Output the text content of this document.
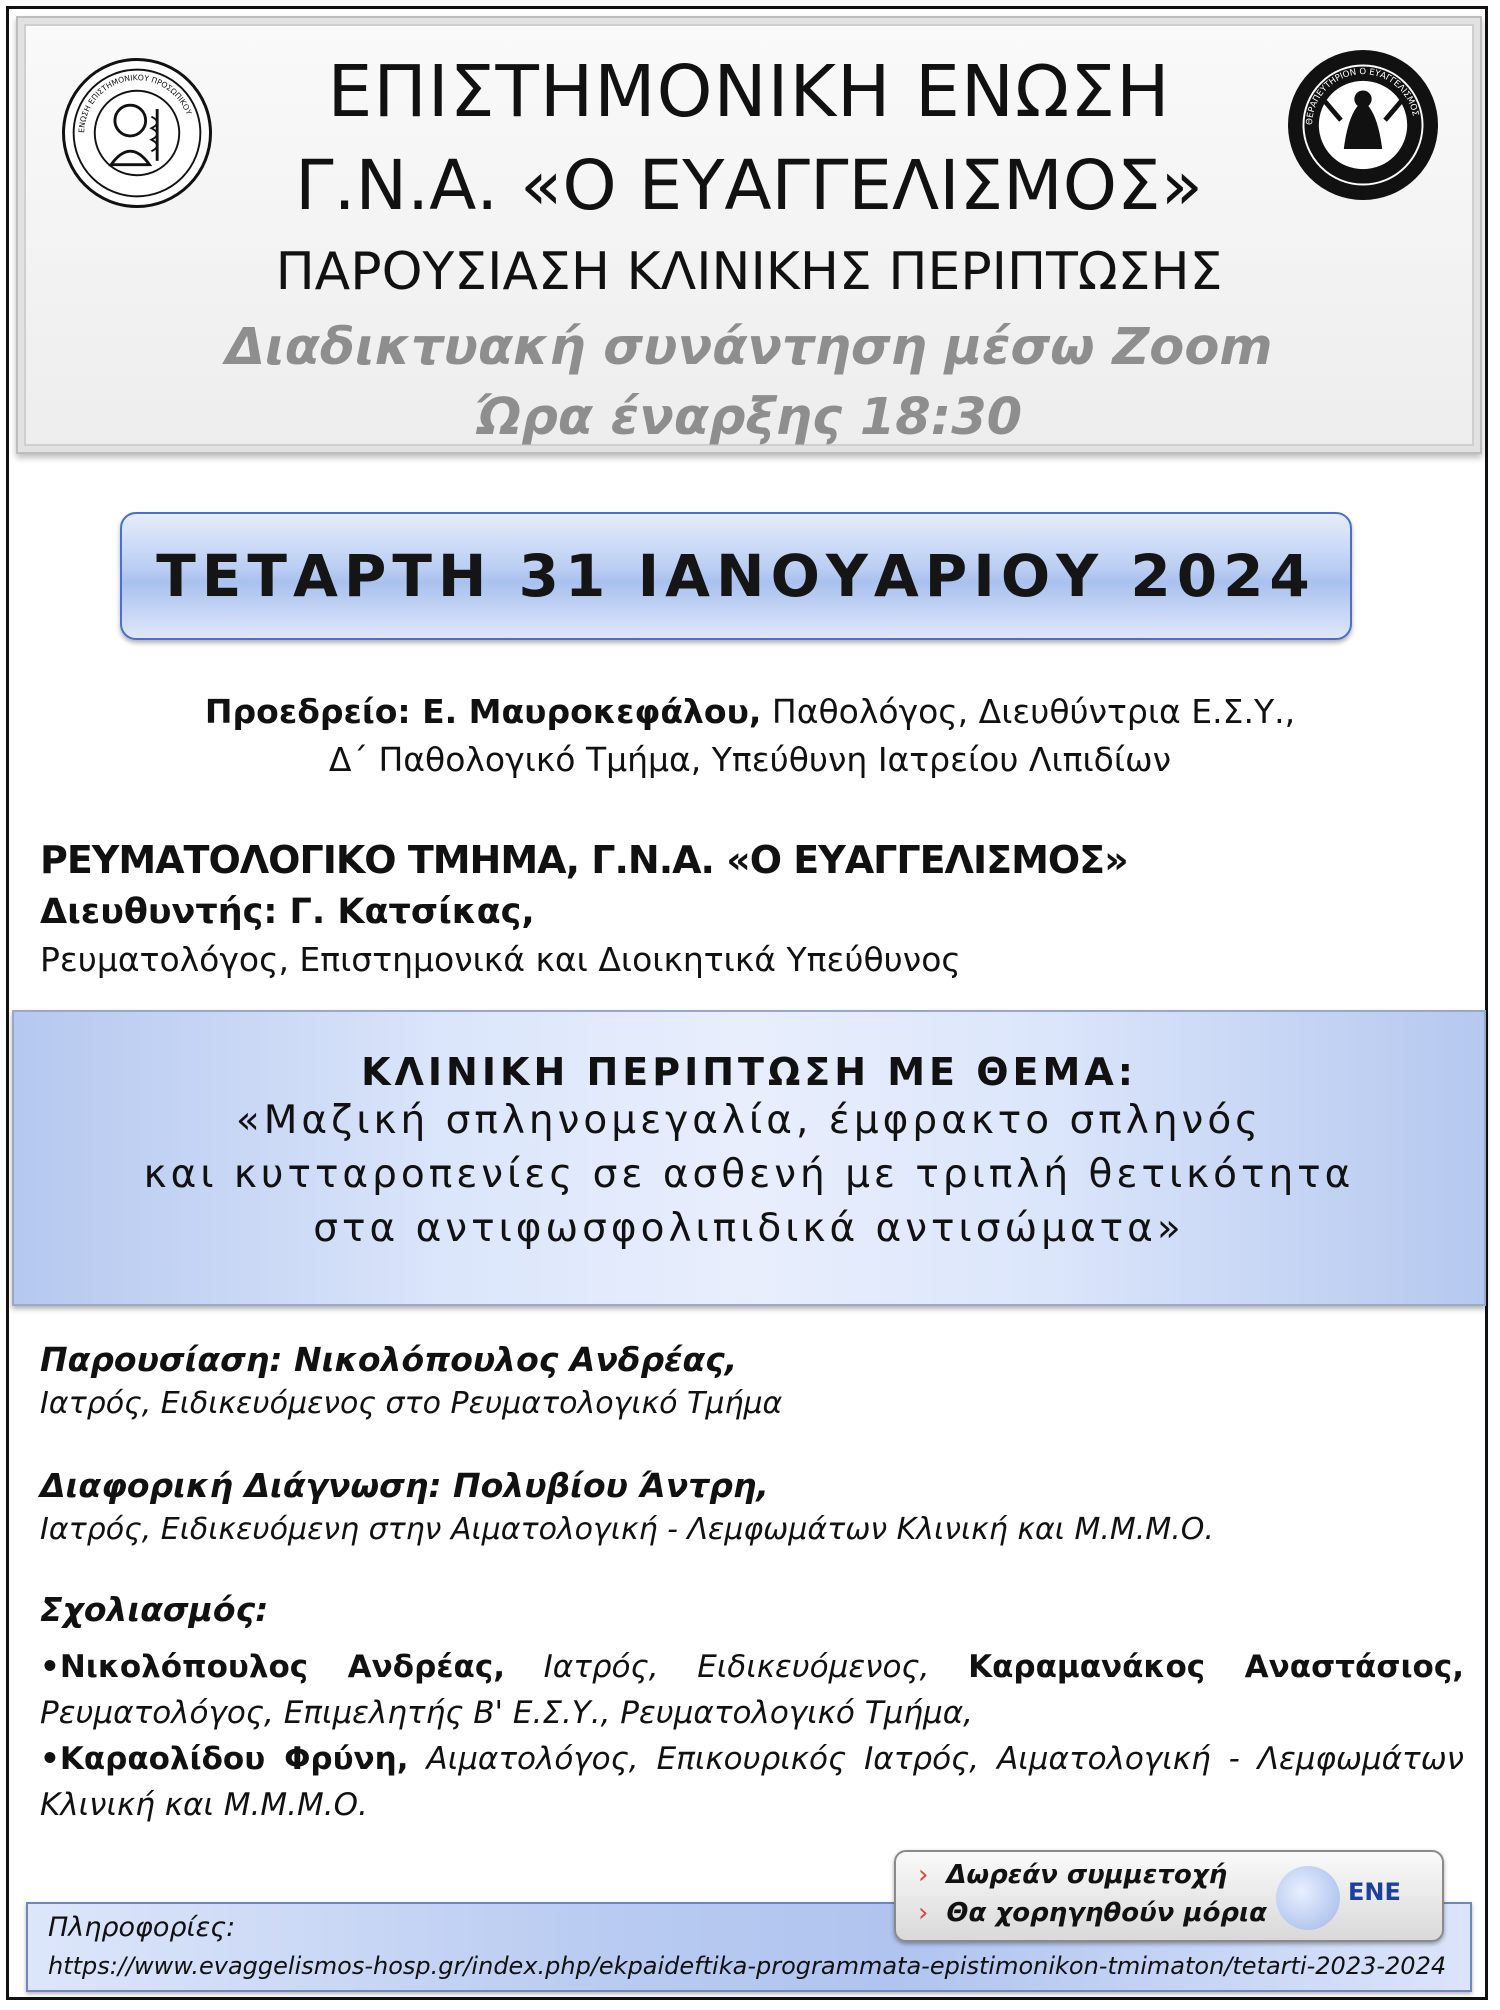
ΕΝΩΣΗ ΕΠΙΣΤΗΜΟΝΙΚΟΥ ΠΡΟΣΩΠΙΚΟΥ
ΘΕΡΑΠΕΥΤΗΡΙΟΝ Ο ΕΥΑΓΓΕΛΙΣΜΟΣ
ΕΠΙΣΤΗΜΟΝΙΚΗ ΕΝΩΣΗ
Γ.Ν.Α. «Ο ΕΥΑΓΓΕΛΙΣΜΟΣ»
ΠΑΡΟΥΣΙΑΣΗ ΚΛΙΝΙΚΗΣ ΠΕΡΙΠΤΩΣΗΣ
Διαδικτυακή συνάντηση μέσω Zoom
Ώρα έναρξης 18:30
ΤΕΤΑΡΤΗ 31 ΙΑΝΟΥΑΡΙΟΥ 2024
Προεδρείο: Ε. Μαυροκεφάλου, Παθολόγος, Διευθύντρια Ε.Σ.Υ.,
Δ΄ Παθολογικό Τμήμα, Υπεύθυνη Ιατρείου Λιπιδίων
ΡΕΥΜΑΤΟΛΟΓΙΚΟ ΤΜΗΜΑ, Γ.Ν.Α. «Ο ΕΥΑΓΓΕΛΙΣΜΟΣ»
Διευθυντής: Γ. Κατσίκας,
Ρευματολόγος, Επιστημονικά και Διοικητικά Υπεύθυνος
ΚΛΙΝΙΚΗ ΠΕΡΙΠΤΩΣΗ ΜΕ ΘΕΜΑ:
«Μαζική σπληνομεγαλία, έμφρακτο σπληνός
και κυτταροπενίες σε ασθενή με τριπλή θετικότητα
στα αντιφωσφολιπιδικά αντισώματα»
Παρουσίαση: Νικολόπουλος Ανδρέας,
Ιατρός, Ειδικευόμενος στο Ρευματολογικό Τμήμα
Διαφορική Διάγνωση: Πολυβίου Άντρη,
Ιατρός, Ειδικευόμενη στην Αιματολογική - Λεμφωμάτων Κλινική και Μ.Μ.Μ.Ο.
Σχολιασμός:
•Νικολόπουλος Ανδρέας, Ιατρός, Ειδικευόμενος, Καραμανάκος Αναστάσιος, Ρευματολόγος, Επιμελητής Β' Ε.Σ.Υ., Ρευματολογικό Τμήμα,
•Καραολίδου Φρύνη, Αιματολόγος, Επικουρικός Ιατρός, Αιματολογική - Λεμφωμάτων Κλινική και Μ.Μ.Μ.Ο.
Πληροφορίες:
https://www.evaggelismos-hosp.gr/index.php/ekpaideftika-programmata-epistimonikon-tmimaton/tetarti-2023-2024
› Δωρεάν συμμετοχή
› Θα χορηγηθούν μόρια
ENE
